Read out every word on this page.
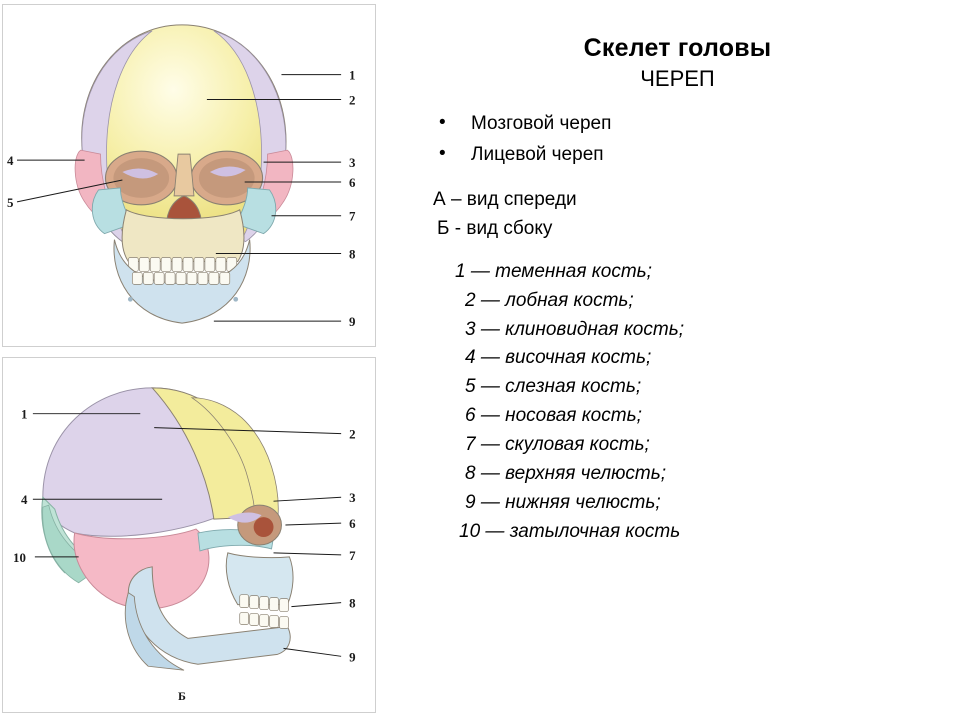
1
2
3
6
7
8
9
4
5
2
3
6
7
8
9
1
4
10
Б
Скелет головы
ЧЕРЕП
• Мозговой череп
• Лицевой череп
А – вид спереди
Б - вид сбоку
1 — теменная кость;
2 — лобная кость;
3 — клиновидная кость;
4 — височная кость;
5 — слезная кость;
6 — носовая кость;
7 — скуловая кость;
8 — верхняя челюсть;
9 — нижняя челюсть;
10 — затылочная кость
